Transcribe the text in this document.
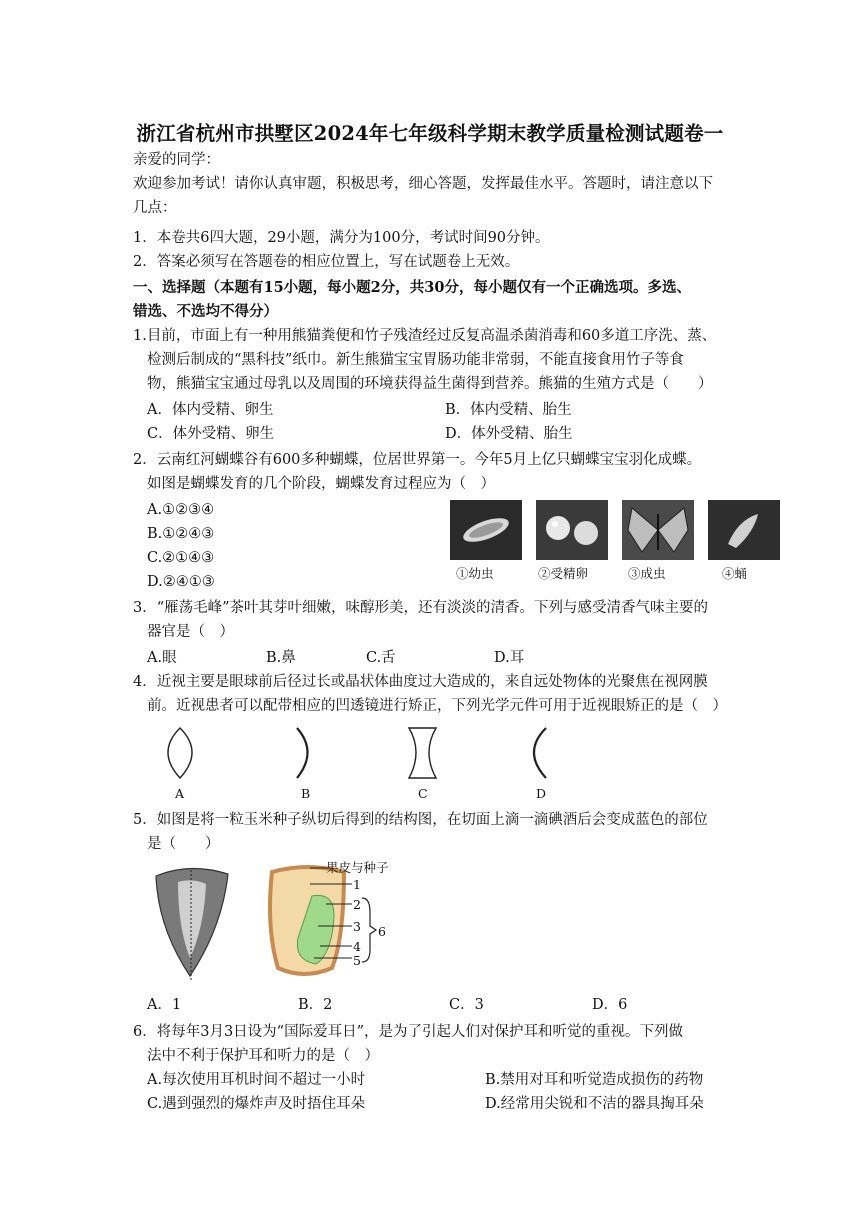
浙江省杭州市拱墅区2024年七年级科学期末教学质量检测试题卷一
亲爱的同学：
欢迎参加考试！请你认真审题，积极思考，细心答题，发挥最佳水平。答题时，请注意以下
几点：
1．本卷共6四大题，29小题，满分为100分，考试时间90分钟。
2．答案必须写在答题卷的相应位置上，写在试题卷上无效。
一、选择题（本题有15小题，每小题2分，共30分，每小题仅有一个正确选项。多选、
错选、不选均不得分）
1.目前，市面上有一种用熊猫粪便和竹子残渣经过反复高温杀菌消毒和60多道工序洗、蒸、
检测后制成的“黑科技”纸巾。新生熊猫宝宝胃肠功能非常弱，不能直接食用竹子等食
物，熊猫宝宝通过母乳以及周围的环境获得益生菌得到营养。熊猫的生殖方式是（　　）
A．体内受精、卵生	B．体内受精、胎生
C．体外受精、卵生	D．体外受精、胎生
2．云南红河蝴蝶谷有600多种蝴蝶，位居世界第一。今年5月上亿只蝴蝶宝宝羽化成蝶。
如图是蝴蝶发育的几个阶段，蝴蝶发育过程应为（　）
A.①②③④
B.①②④③
C.②①④③
D.②④①③
①幼虫	②受精卵	③成虫	④蛹
3．“雁荡毛峰”茶叶其芽叶细嫩，味醇形美，还有淡淡的清香。下列与感受清香气味主要的
器官是（　）
A.眼	B.鼻	C.舌	D.耳
4．近视主要是眼球前后径过长或晶状体曲度过大造成的，来自远处物体的光聚焦在视网膜
前。近视患者可以配带相应的凹透镜进行矫正，下列光学元件可用于近视眼矫正的是（　）
A	B	C	D
5．如图是将一粒玉米种子纵切后得到的结构图，在切面上滴一滴碘酒后会变成蓝色的部位
是（　　）
果皮与种子
1
2
3
4
5
6
A．1	B．2	C．3	D．6
6．将每年3月3日设为“国际爱耳日”，是为了引起人们对保护耳和听觉的重视。下列做
法中不利于保护耳和听力的是（　）
A.每次使用耳机时间不超过一小时	B.禁用对耳和听觉造成损伤的药物
C.遇到强烈的爆炸声及时捂住耳朵	D.经常用尖锐和不洁的器具掏耳朵
